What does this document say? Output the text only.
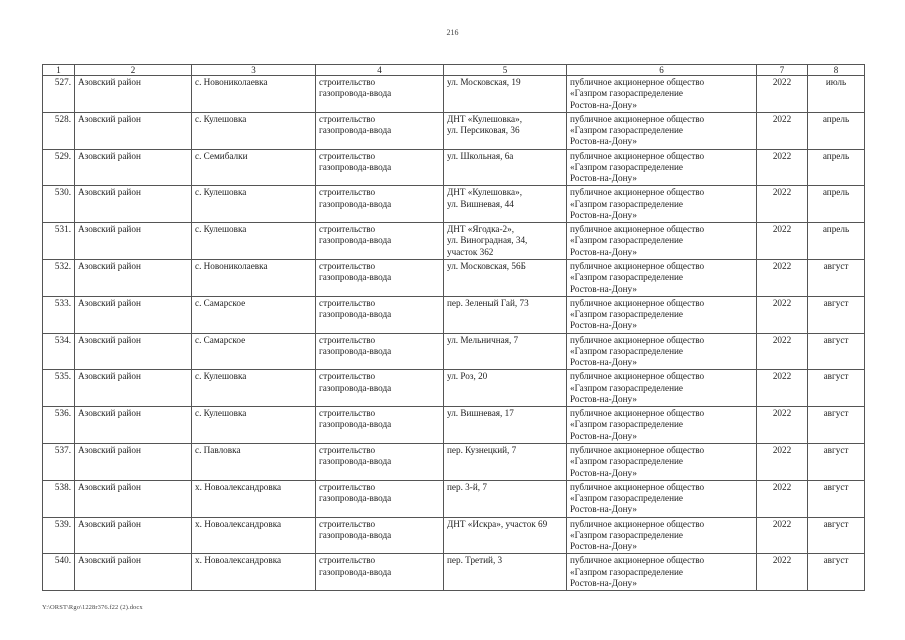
216
1	2	3	4	5	6	7	8
527.	Азовский район	с. Новониколаевка	строительство
газопровода-ввода	ул. Московская, 19	публичное акционерное общество
«Газпром газораспределение
Ростов-на-Дону»	2022	июль
528.	Азовский район	с. Кулешовка	строительство
газопровода-ввода	ДНТ «Кулешовка»,
ул. Персиковая, 36	публичное акционерное общество
«Газпром газораспределение
Ростов-на-Дону»	2022	апрель
529.	Азовский район	с. Семибалки	строительство
газопровода-ввода	ул. Школьная, 6а	публичное акционерное общество
«Газпром газораспределение
Ростов-на-Дону»	2022	апрель
530.	Азовский район	с. Кулешовка	строительство
газопровода-ввода	ДНТ «Кулешовка»,
ул. Вишневая, 44	публичное акционерное общество
«Газпром газораспределение
Ростов-на-Дону»	2022	апрель
531.	Азовский район	с. Кулешовка	строительство
газопровода-ввода	ДНТ «Ягодка-2»,
ул. Виноградная, 34,
участок 362	публичное акционерное общество
«Газпром газораспределение
Ростов-на-Дону»	2022	апрель
532.	Азовский район	с. Новониколаевка	строительство
газопровода-ввода	ул. Московская, 56Б	публичное акционерное общество
«Газпром газораспределение
Ростов-на-Дону»	2022	август
533.	Азовский район	с. Самарское	строительство
газопровода-ввода	пер. Зеленый Гай, 73	публичное акционерное общество
«Газпром газораспределение
Ростов-на-Дону»	2022	август
534.	Азовский район	с. Самарское	строительство
газопровода-ввода	ул. Мельничная, 7	публичное акционерное общество
«Газпром газораспределение
Ростов-на-Дону»	2022	август
535.	Азовский район	с. Кулешовка	строительство
газопровода-ввода	ул. Роз, 20	публичное акционерное общество
«Газпром газораспределение
Ростов-на-Дону»	2022	август
536.	Азовский район	с. Кулешовка	строительство
газопровода-ввода	ул. Вишневая, 17	публичное акционерное общество
«Газпром газораспределение
Ростов-на-Дону»	2022	август
537.	Азовский район	с. Павловка	строительство
газопровода-ввода	пер. Кузнецкий, 7	публичное акционерное общество
«Газпром газораспределение
Ростов-на-Дону»	2022	август
538.	Азовский район	х. Новоалександровка	строительство
газопровода-ввода	пер. 3-й, 7	публичное акционерное общество
«Газпром газораспределение
Ростов-на-Дону»	2022	август
539.	Азовский район	х. Новоалександровка	строительство
газопровода-ввода	ДНТ «Искра», участок 69	публичное акционерное общество
«Газпром газораспределение
Ростов-на-Дону»	2022	август
540.	Азовский район	х. Новоалександровка	строительство
газопровода-ввода	пер. Третий, 3	публичное акционерное общество
«Газпром газораспределение
Ростов-на-Дону»	2022	август
Y:\ORST\Rgo\1228r376.f22 (2).docx
